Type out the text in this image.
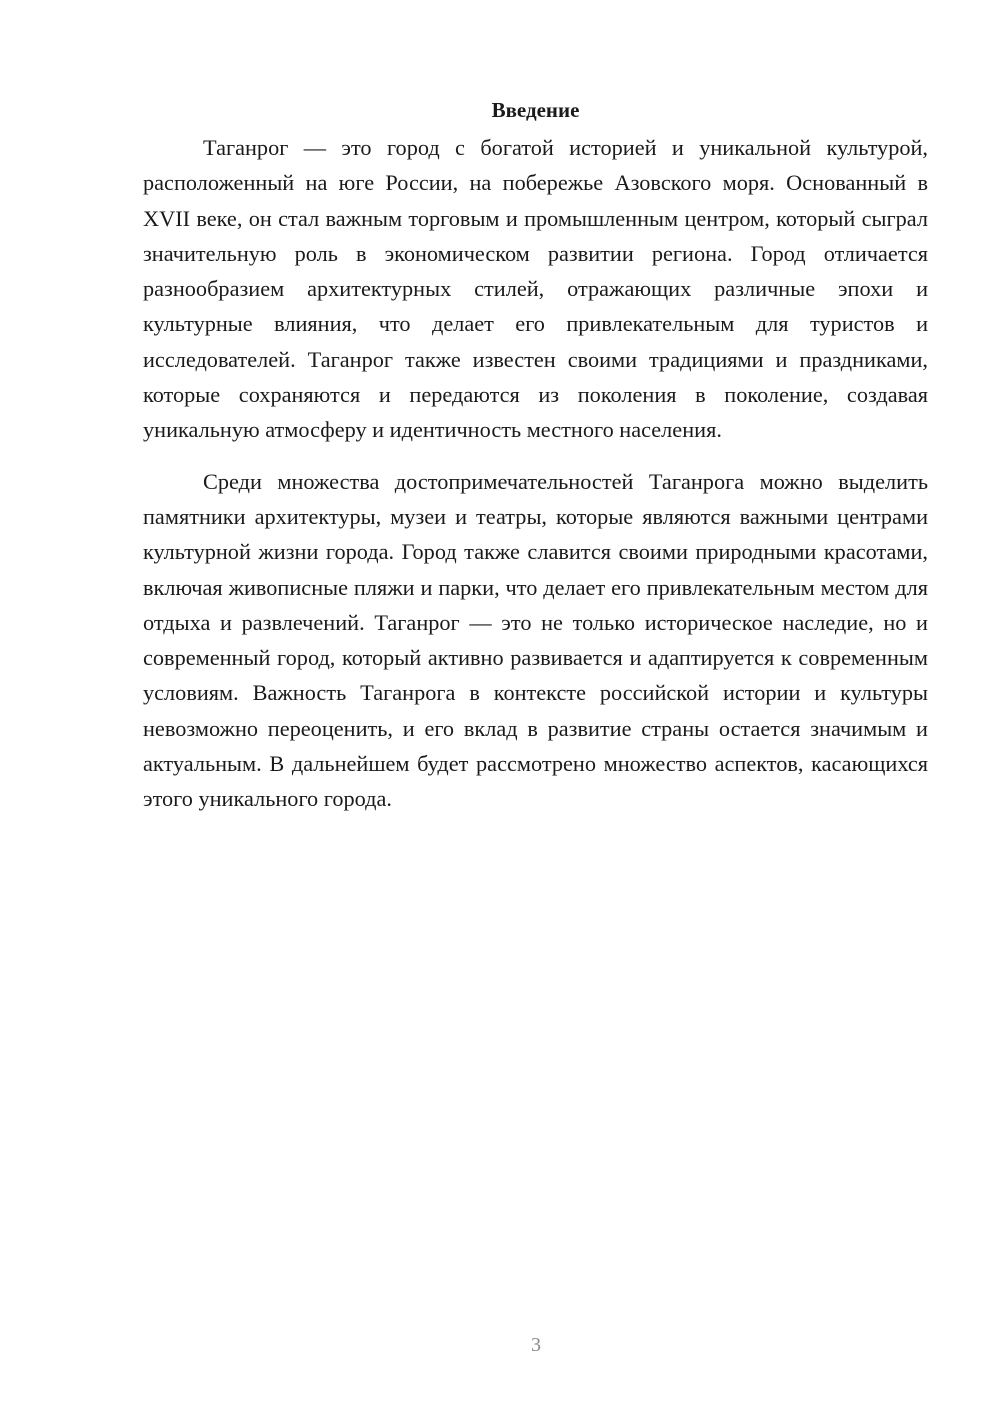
Введение

Таганрог — это город с богатой историей и уникальной культурой, расположенный на юге России, на побережье Азовского моря. Основанный в XVII веке, он стал важным торговым и промышленным центром, который сыграл значительную роль в экономическом развитии региона. Город отличается разнообразием архитектурных стилей, отражающих различные эпохи и культурные влияния, что делает его привлекательным для туристов и исследователей. Таганрог также известен своими традициями и праздниками, которые сохраняются и передаются из поколения в поколение, создавая уникальную атмосферу и идентичность местного населения.

Среди множества достопримечательностей Таганрога можно выделить памятники архитектуры, музеи и театры, которые являются важными центрами культурной жизни города. Город также славится своими природными красотами, включая живописные пляжи и парки, что делает его привлекательным местом для отдыха и развлечений. Таганрог — это не только историческое наследие, но и современный город, который активно развивается и адаптируется к современным условиям. Важность Таганрога в контексте российской истории и культуры невозможно переоценить, и его вклад в развитие страны остается значимым и актуальным. В дальнейшем будет рассмотрено множество аспектов, касающихся этого уникального города.

3
